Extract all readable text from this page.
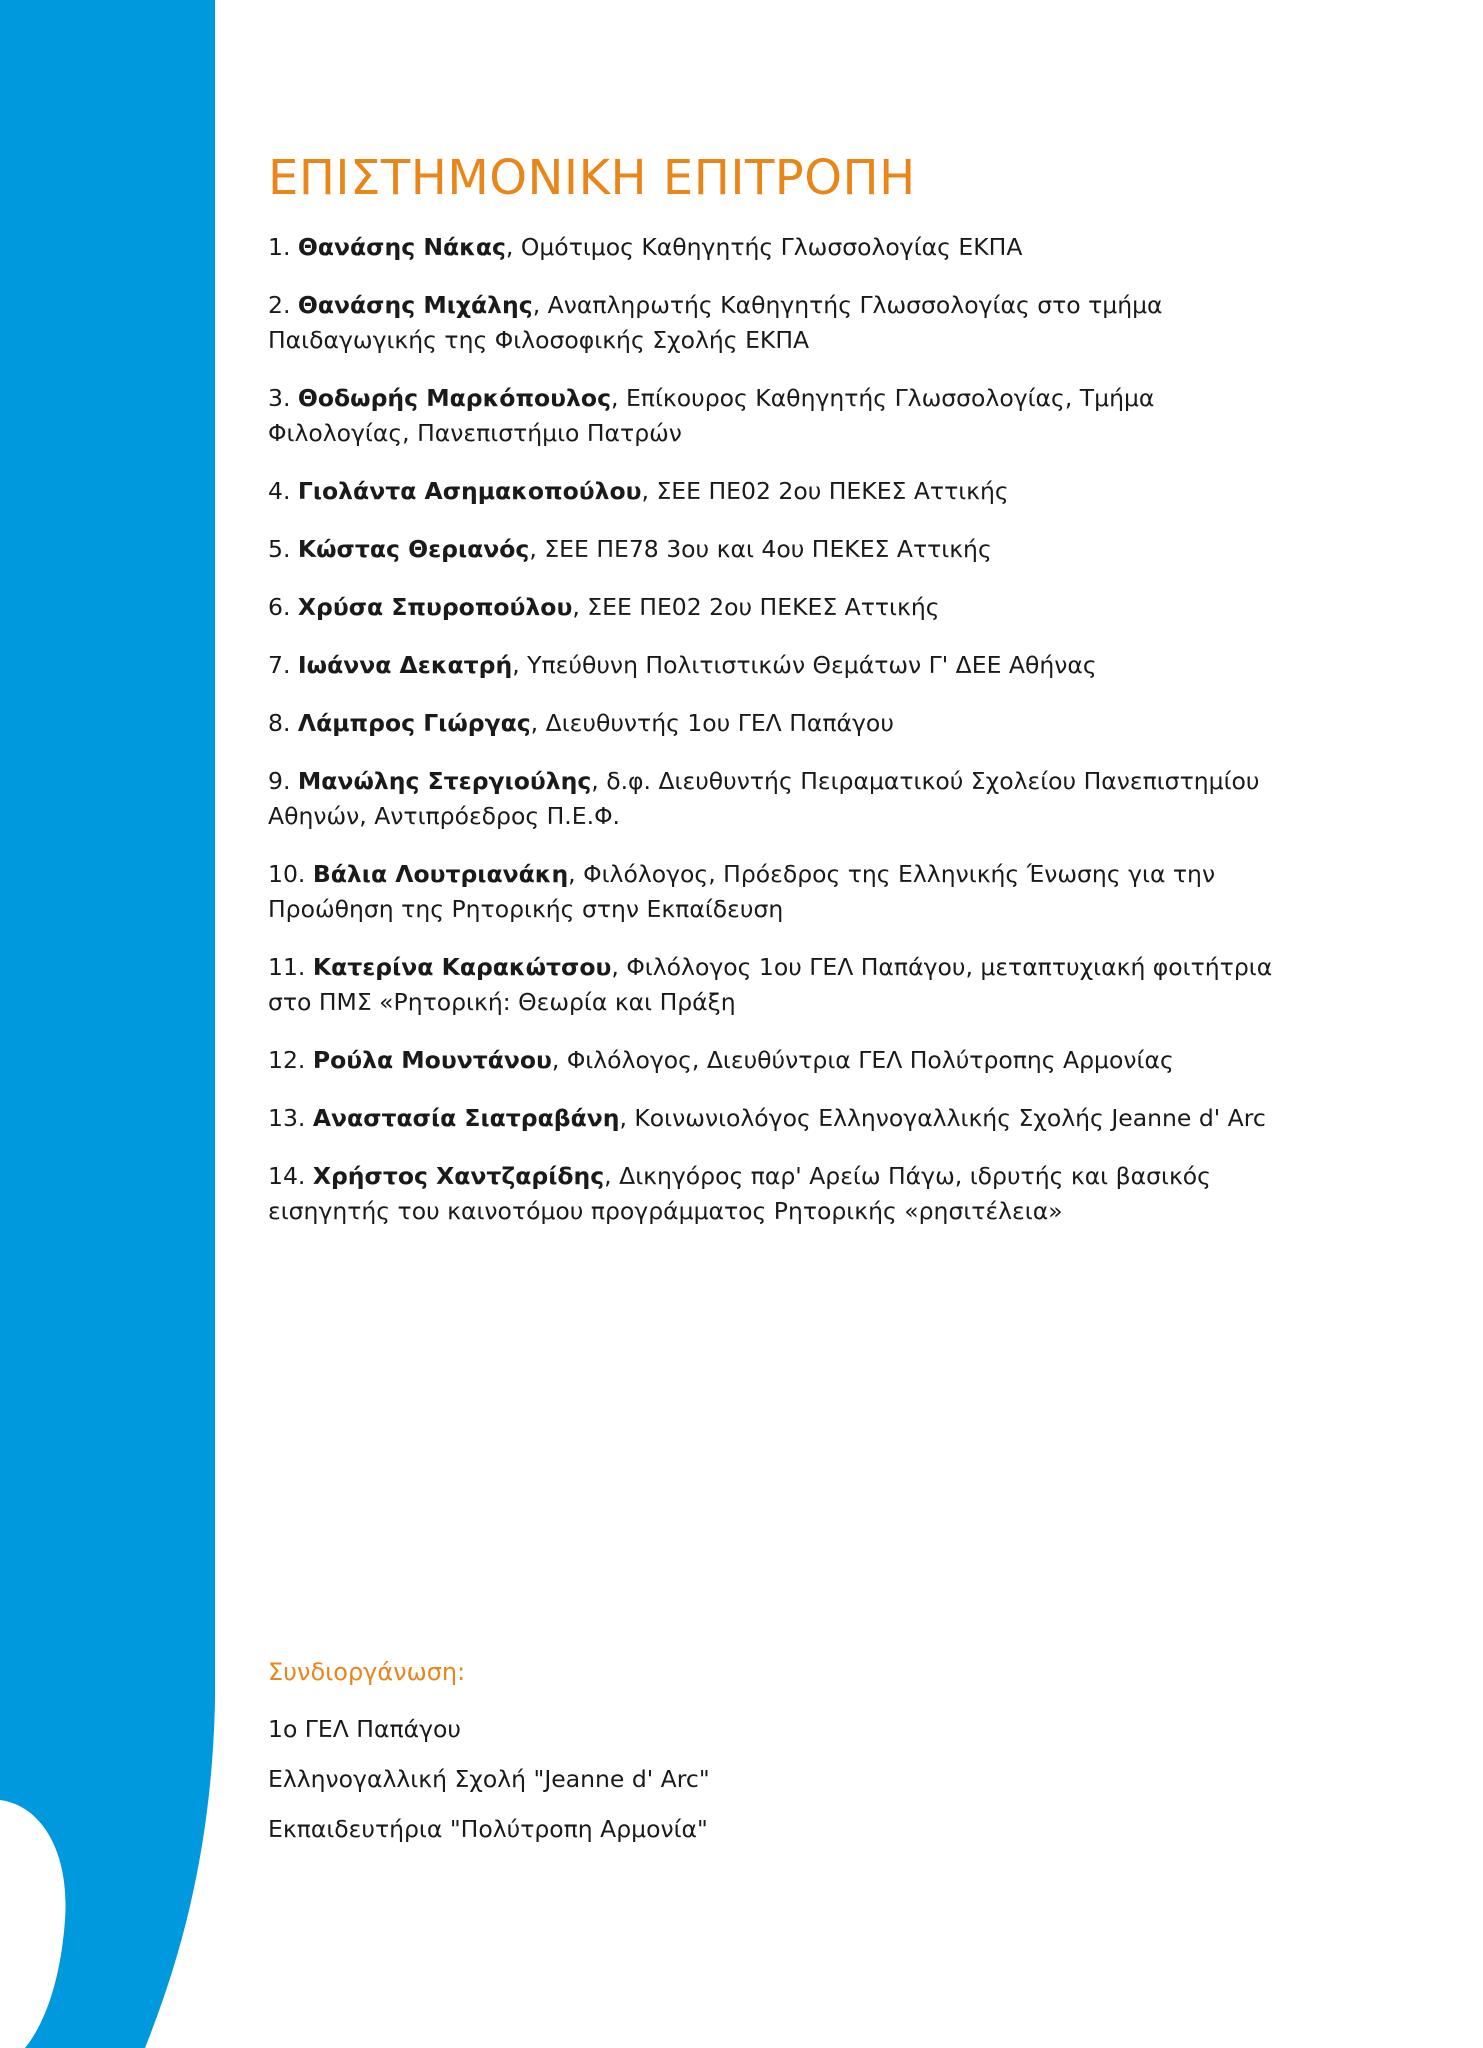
ΕΠΙΣΤΗΜΟΝΙΚΗ ΕΠΙΤΡΟΠΗ
1. Θανάσης Νάκας, Ομότιμος Καθηγητής Γλωσσολογίας ΕΚΠΑ
2. Θανάσης Μιχάλης, Αναπληρωτής Καθηγητής Γλωσσολογίας στο τμήμα Παιδαγωγικής της Φιλοσοφικής Σχολής ΕΚΠΑ
3. Θοδωρής Μαρκόπουλος, Επίκουρος Καθηγητής Γλωσσολογίας, Τμήμα Φιλολογίας, Πανεπιστήμιο Πατρών
4. Γιολάντα Ασημακοπούλου, ΣΕΕ ΠΕ02 2ου ΠΕΚΕΣ Αττικής
5. Κώστας Θεριανός, ΣΕΕ ΠΕ78 3ου και 4ου ΠΕΚΕΣ Αττικής
6. Χρύσα Σπυροπούλου, ΣΕΕ ΠΕ02 2ου ΠΕΚΕΣ Αττικής
7. Ιωάννα Δεκατρή, Υπεύθυνη Πολιτιστικών Θεμάτων Γ' ΔΕΕ Αθήνας
8. Λάμπρος Γιώργας, Διευθυντής 1ου ΓΕΛ Παπάγου
9. Μανώλης Στεργιούλης, δ.φ. Διευθυντής Πειραματικού Σχολείου Πανεπιστημίου Αθηνών, Αντιπρόεδρος Π.Ε.Φ.
10. Βάλια Λουτριανάκη, Φιλόλογος, Πρόεδρος της Ελληνικής Ένωσης για την Προώθηση της Ρητορικής στην Εκπαίδευση
11. Κατερίνα Καρακώτσου, Φιλόλογος 1ου ΓΕΛ Παπάγου, μεταπτυχιακή φοιτήτρια στο ΠΜΣ «Ρητορική: Θεωρία και Πράξη
12. Ρούλα Μουντάνου, Φιλόλογος, Διευθύντρια ΓΕΛ Πολύτροπης Αρμονίας
13. Αναστασία Σιατραβάνη, Κοινωνιολόγος Ελληνογαλλικής Σχολής Jeanne d' Arc
14. Χρήστος Χαντζαρίδης, Δικηγόρος παρ' Αρείω Πάγω, ιδρυτής και βασικός εισηγητής του καινοτόμου προγράμματος Ρητορικής «ρησιτέλεια»
Συνδιοργάνωση:
1ο ΓΕΛ Παπάγου
Ελληνογαλλική Σχολή "Jeanne d' Arc"
Εκπαιδευτήρια "Πολύτροπη Αρμονία"
